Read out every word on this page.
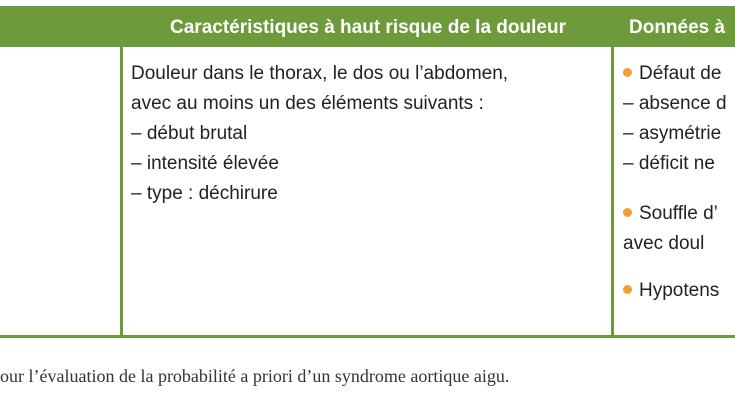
Caractéristiques à haut risque de la douleur	Données à
Douleur dans le thorax, le dos ou l’abdomen,
avec au moins un des éléments suivants :
– début brutal
– intensité élevée
– type : déchirure
Défaut de
– absence d
– asymétrie
– déficit ne
Souffle d’
avec doul
Hypotens
our l’évaluation de la probabilité a priori d’un syndrome aortique aigu.
